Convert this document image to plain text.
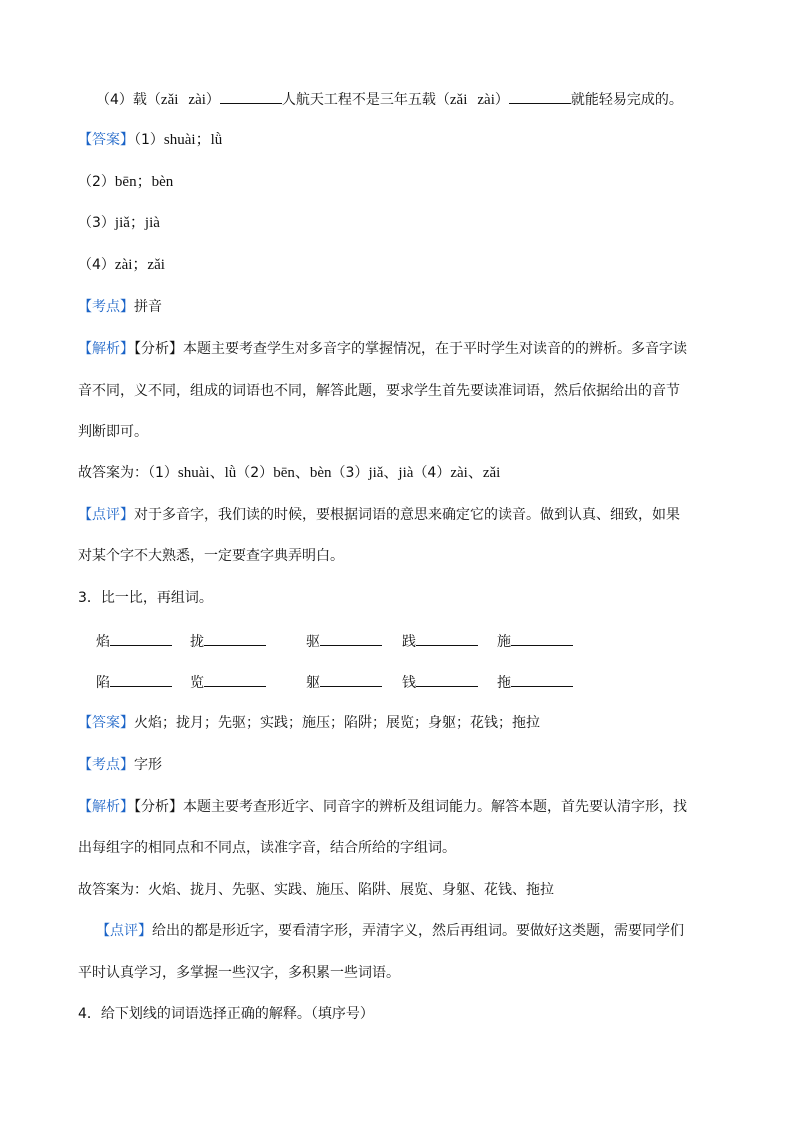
（4）载（zǎi zài）	人航天工程不是三年五载（zǎi zài）	就能轻易完成的。
【答案】（1）shuài；lǜ
（2）bēn；bèn
（3）jiǎ；jià
（4）zài；zǎi
【考点】拼音
【解析】【分析】本题主要考查学生对多音字的掌握情况，在于平时学生对读音的的辨析。多音字读
音不同，义不同，组成的词语也不同，解答此题，要求学生首先要读准词语，然后依据给出的音节
判断即可。
故答案为：（1）shuài、lǜ（2）bēn、bèn（3）jiǎ、jià（4）zài、zǎi
【点评】对于多音字，我们读的时候，要根据词语的意思来确定它的读音。做到认真、细致，如果
对某个字不大熟悉，一定要查字典弄明白。
3．比一比，再组词。
焰	拢	驱	践	施
陷	览	躯	钱	拖
【答案】火焰；拢月；先驱；实践；施压；陷阱；展览；身躯；花钱；拖拉
【考点】字形
【解析】【分析】本题主要考查形近字、同音字的辨析及组词能力。解答本题，首先要认清字形，找
出每组字的相同点和不同点，读准字音，结合所给的字组词。
故答案为：火焰、拢月、先驱、实践、施压、陷阱、展览、身躯、花钱、拖拉
【点评】给出的都是形近字，要看清字形，弄清字义，然后再组词。要做好这类题，需要同学们
平时认真学习，多掌握一些汉字，多积累一些词语。
4．给下划线的词语选择正确的解释。（填序号）
